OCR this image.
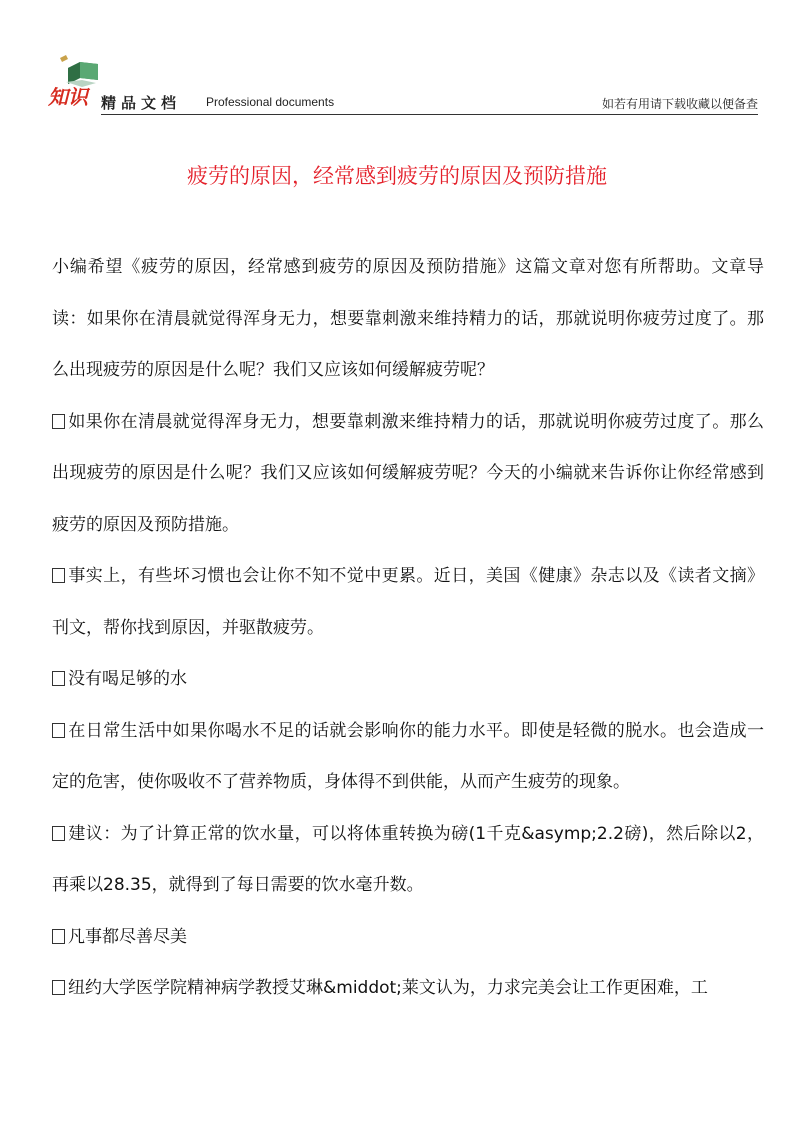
知识 精品文档 Professional documents	如若有用请下载收藏以便备查
疲劳的原因，经常感到疲劳的原因及预防措施

小编希望《疲劳的原因，经常感到疲劳的原因及预防措施》这篇文章对您有所帮助。文章导读：如果你在清晨就觉得浑身无力，想要靠刺激来维持精力的话，那就说明你疲劳过度了。那么出现疲劳的原因是什么呢？我们又应该如何缓解疲劳呢？

如果你在清晨就觉得浑身无力，想要靠刺激来维持精力的话，那就说明你疲劳过度了。那么出现疲劳的原因是什么呢？我们又应该如何缓解疲劳呢？今天的小编就来告诉你让你经常感到疲劳的原因及预防措施。

事实上，有些坏习惯也会让你不知不觉中更累。近日，美国《健康》杂志以及《读者文摘》刊文，帮你找到原因，并驱散疲劳。

没有喝足够的水

在日常生活中如果你喝水不足的话就会影响你的能力水平。即使是轻微的脱水。也会造成一定的危害，使你吸收不了营养物质，身体得不到供能，从而产生疲劳的现象。

建议：为了计算正常的饮水量，可以将体重转换为磅(1千克&asymp;2.2磅)，然后除以2，再乘以28.35，就得到了每日需要的饮水毫升数。

凡事都尽善尽美

纽约大学医学院精神病学教授艾琳&middot;莱文认为，力求完美会让工作更困难，工
